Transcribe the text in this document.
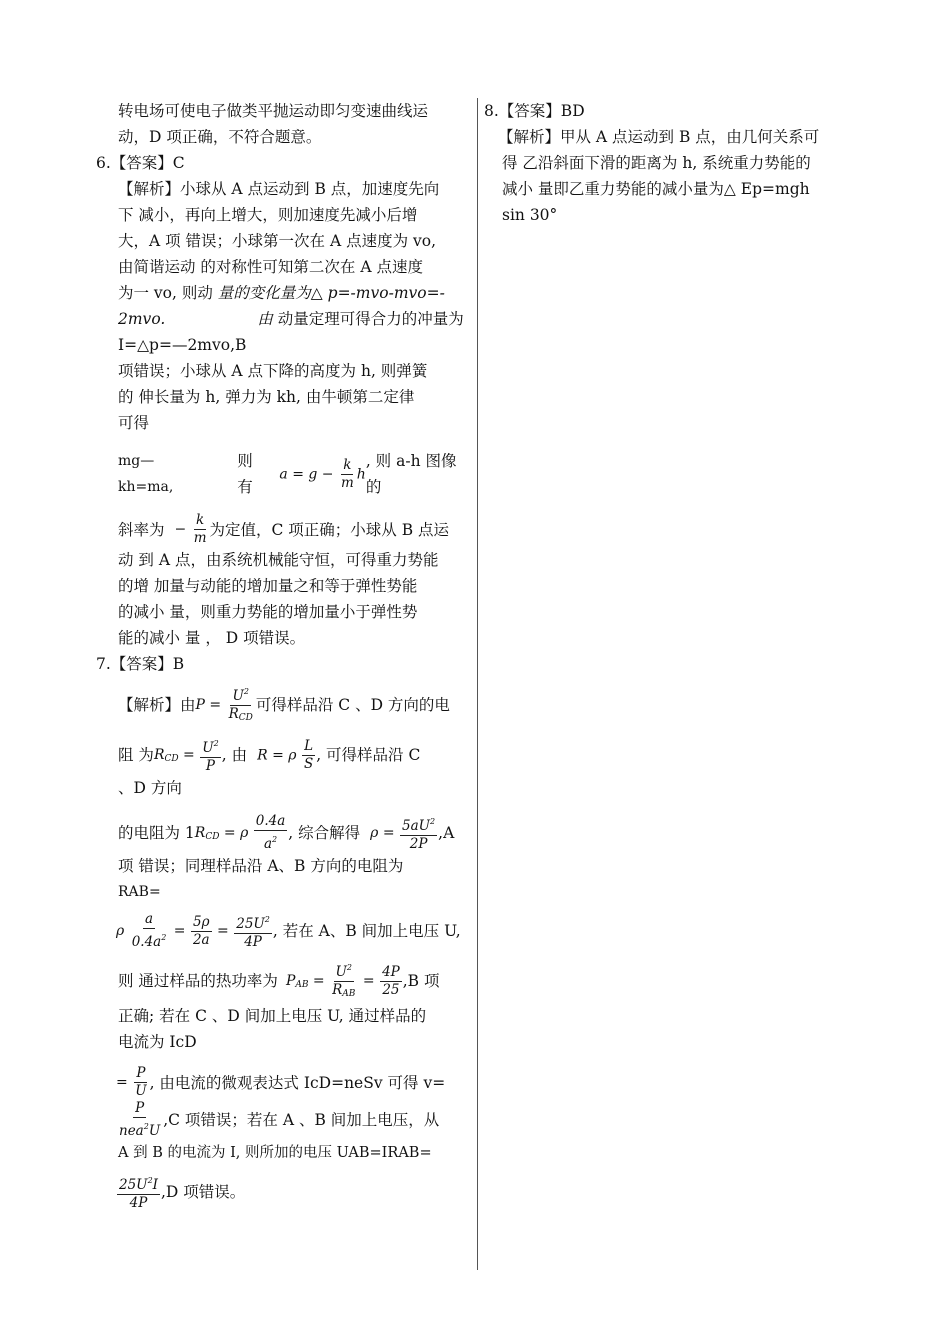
转电场可使电子做类平抛运动即匀变速曲线运

动，D 项正确，不符合题意。

6.【答案】C

【解析】小球从 A 点运动到 B 点，加速度先向

下 减小，再向上增大，则加速度先减小后增

大，A 项 错误；小球第一次在 A 点速度为 vo,

由简谐运动 的对称性可知第二次在 A 点速度

为一 vo, 则动 量的变化量为△ p=-mvo-mvo=-

2mvo.	由 动量定理可得合力的冲量为

I=△p=—2mvo,B

项错误；小球从 A 点下降的高度为 h, 则弹簧

的 伸长量为 h, 弹力为 kh, 由牛顿第二定律

可得

mg—kh=ma,
则有
$a = g - \frac{k}{m}$ h
, 则 a-h 图像的

斜率为 − $\frac{k}{m}$ 为定值，C 项正确；小球从 B 点运

动 到 A 点，由系统机械能守恒，可得重力势能

的增 加量与动能的增加量之和等于弹性势能

的减小 量，则重力势能的增加量小于弹性势

能的减小 量 ， D 项错误。

7.【答案】B

【解析】由 $P = \frac{U^2}{R_{CD}}$ 可得样品沿 C 、D 方向的电

阻 为 $R_{CD} = \frac{U^2}{P}$ , 由 R = ρ $\frac{L}{S}$ , 可得样品沿 C

、D 方向

的电阻为 1 $R_{CD} = \rho \frac{0.4a}{a^2}$ , 综合解得 $\rho = \frac{5aU^2}{2P} ,A$

项 错误；同理样品沿 A、B 方向的电阻为

RAB=

ρ $\frac{a}{0.4a^2} = \frac{5\rho}{2a} = \frac{25U^2}{4P}$ , 若在 A、B 间加上电压 U,

则 通过样品的热功率为 $P_{AB} = \frac{U^2}{R_{AB}} = \frac{4P}{25} ,B$ 项

正确; 若在 C 、D 间加上电压 U, 通过样品的

电流为 IcD

= $\frac{P}{U}$ , 由电流的微观表达式 IcD=neSv 可得 v=

$\frac{P}{nea^2U} ,C$ 项错误；若在 A 、B 间加上电压，从

A 到 B 的电流为 I, 则所加的电压 UAB=IRAB=

$\frac{25U^2I}{4P} ,D$ 项错误。

8.【答案】BD

【解析】甲从 A 点运动到 B 点，由几何关系可

得 乙沿斜面下滑的距离为 h, 系统重力势能的

减小 量即乙重力势能的减小量为△ Ep=mgh

sin 30°
